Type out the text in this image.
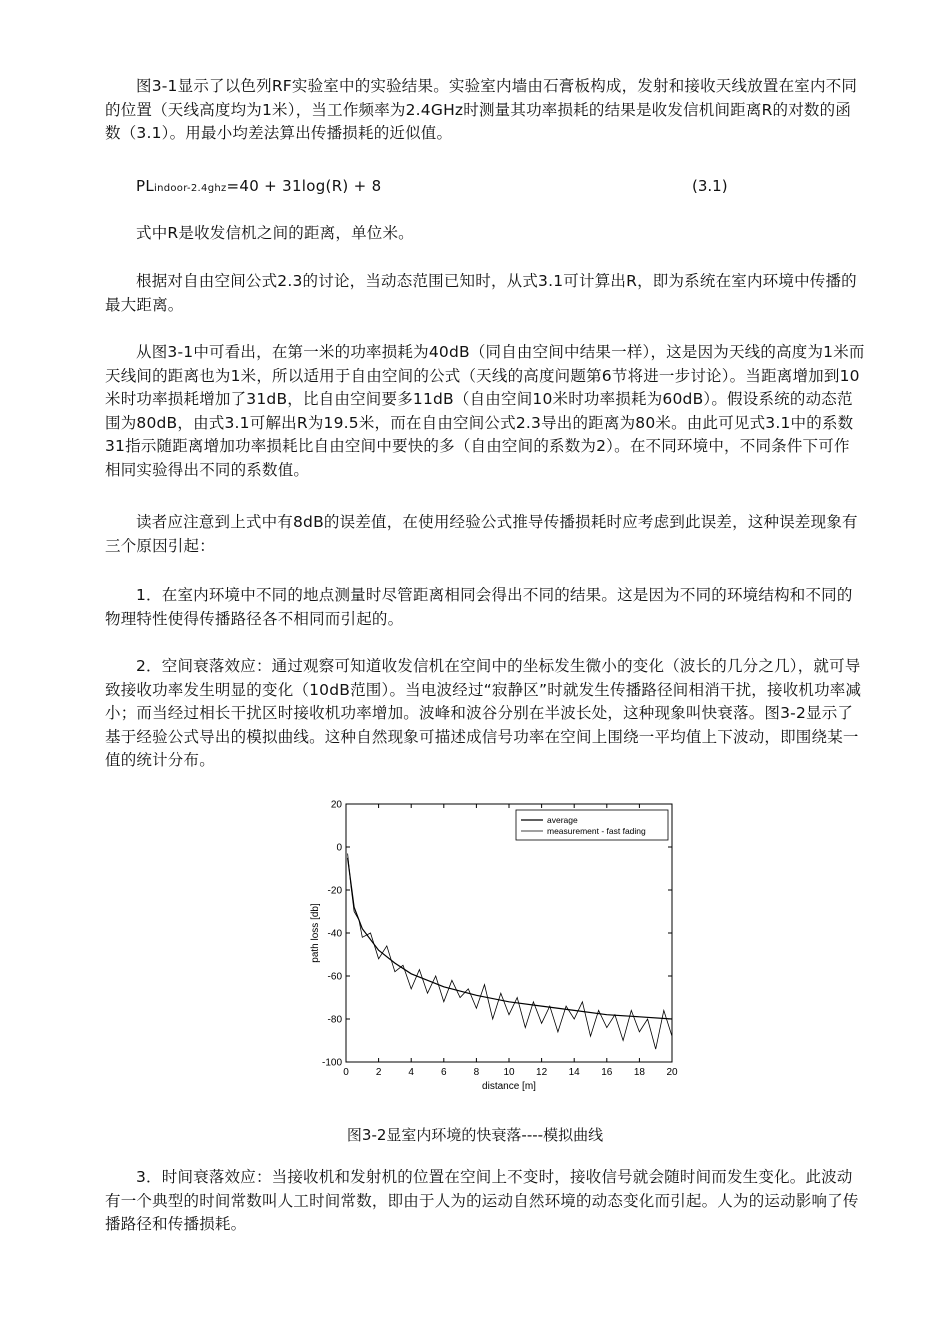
图3-1显示了以色列RF实验室中的实验结果。实验室内墙由石膏板构成，发射和接收天线放置在室内不同的位置（天线高度均为1米），当工作频率为2.4GHz时测量其功率损耗的结果是收发信机间距离R的对数的函数（3.1）。用最小均差法算出传播损耗的近似值。

PLindoor-2.4ghz=40 + 31log(R) + 8	(3.1)

式中R是收发信机之间的距离，单位米。

根据对自由空间公式2.3的讨论，当动态范围已知时，从式3.1可计算出R，即为系统在室内环境中传播的最大距离。

从图3-1中可看出，在第一米的功率损耗为40dB（同自由空间中结果一样），这是因为天线的高度为1米而天线间的距离也为1米，所以适用于自由空间的公式（天线的高度问题第6节将进一步讨论）。当距离增加到10米时功率损耗增加了31dB，比自由空间要多11dB（自由空间10米时功率损耗为60dB）。假设系统的动态范围为80dB，由式3.1可解出R为19.5米，而在自由空间公式2.3导出的距离为80米。由此可见式3.1中的系数31指示随距离增加功率损耗比自由空间中要快的多（自由空间的系数为2）。在不同环境中，不同条件下可作相同实验得出不同的系数值。

读者应注意到上式中有8dB的误差值，在使用经验公式推导传播损耗时应考虑到此误差，这种误差现象有三个原因引起：

1．在室内环境中不同的地点测量时尽管距离相同会得出不同的结果。这是因为不同的环境结构和不同的物理特性使得传播路径各不相同而引起的。

2．空间衰落效应：通过观察可知道收发信机在空间中的坐标发生微小的变化（波长的几分之几），就可导致接收功率发生明显的变化（10dB范围）。当电波经过“寂静区”时就发生传播路径间相消干扰，接收机功率减小；而当经过相长干扰区时接收机功率增加。波峰和波谷分别在半波长处，这种现象叫快衰落。图3-2显示了基于经验公式导出的模拟曲线。这种自然现象可描述成信号功率在空间上围绕一平均值上下波动，即围绕某一值的统计分布。

0	2	4	6	8 10 12 14 16 18 20
20
0
-20
-40
-60
-80
-100
distance [m]
path loss [db]
average
measurement - fast fading
图3-2显室内环境的快衰落----模拟曲线

3．时间衰落效应：当接收机和发射机的位置在空间上不变时，接收信号就会随时间而发生变化。此波动有一个典型的时间常数叫人工时间常数，即由于人为的运动自然环境的动态变化而引起。人为的运动影响了传播路径和传播损耗。
